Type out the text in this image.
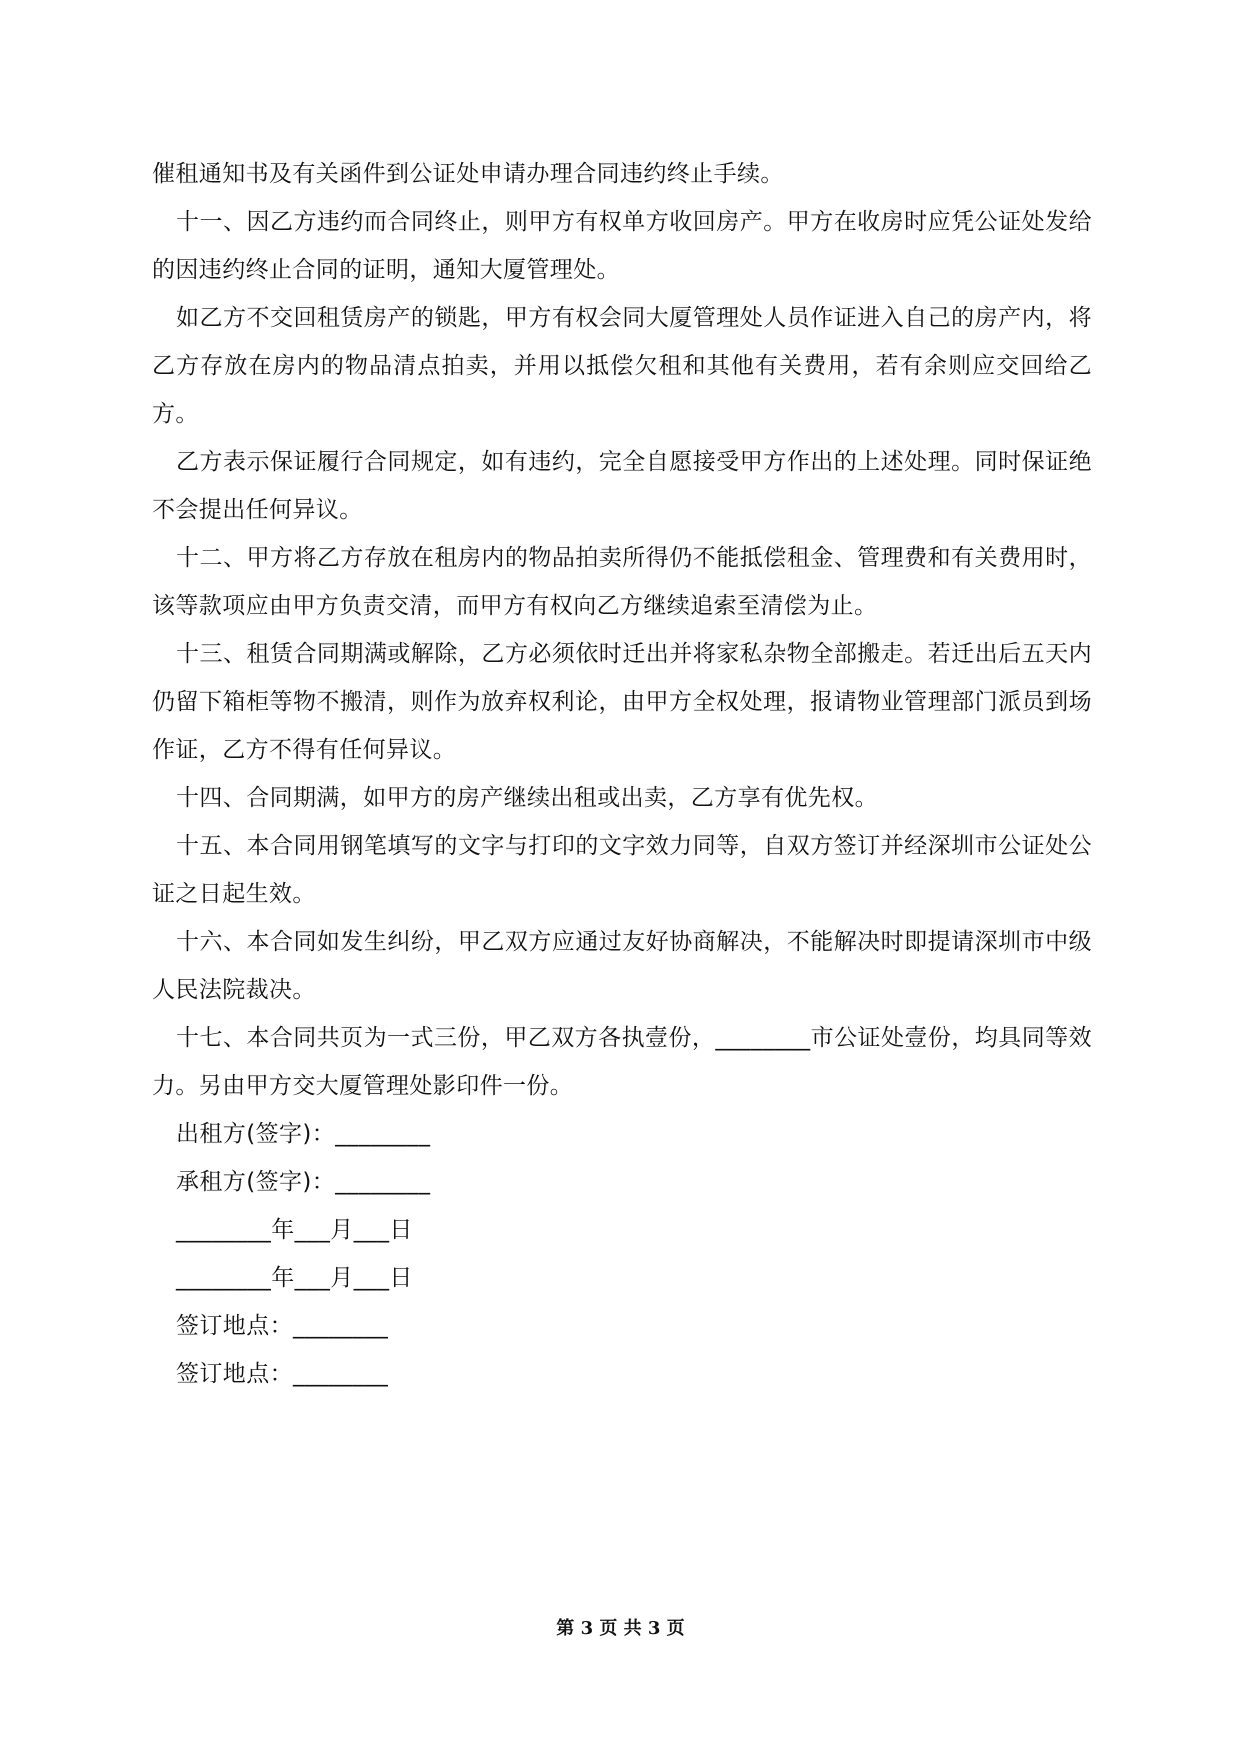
催租通知书及有关函件到公证处申请办理合同违约终止手续。

十一、因乙方违约而合同终止，则甲方有权单方收回房产。甲方在收房时应凭公证处发给的因违约终止合同的证明，通知大厦管理处。

如乙方不交回租赁房产的锁匙，甲方有权会同大厦管理处人员作证进入自己的房产内，将乙方存放在房内的物品清点拍卖，并用以抵偿欠租和其他有关费用，若有余则应交回给乙方。

乙方表示保证履行合同规定，如有违约，完全自愿接受甲方作出的上述处理。同时保证绝不会提出任何异议。

十二、甲方将乙方存放在租房内的物品拍卖所得仍不能抵偿租金、管理费和有关费用时，该等款项应由甲方负责交清，而甲方有权向乙方继续追索至清偿为止。

十三、租赁合同期满或解除，乙方必须依时迁出并将家私杂物全部搬走。若迁出后五天内仍留下箱柜等物不搬清，则作为放弃权利论，由甲方全权处理，报请物业管理部门派员到场作证，乙方不得有任何异议。

十四、合同期满，如甲方的房产继续出租或出卖，乙方享有优先权。

十五、本合同用钢笔填写的文字与打印的文字效力同等，自双方签订并经深圳市公证处公证之日起生效。

十六、本合同如发生纠纷，甲乙双方应通过友好协商解决，不能解决时即提请深圳市中级人民法院裁决。

十七、本合同共页为一式三份，甲乙双方各执壹份，________市公证处壹份，均具同等效力。另由甲方交大厦管理处影印件一份。

出租方(签字)：________

承租方(签字)：________

________年___月___日

________年___月___日

签订地点：________

签订地点：________

第 3 页 共 3 页
